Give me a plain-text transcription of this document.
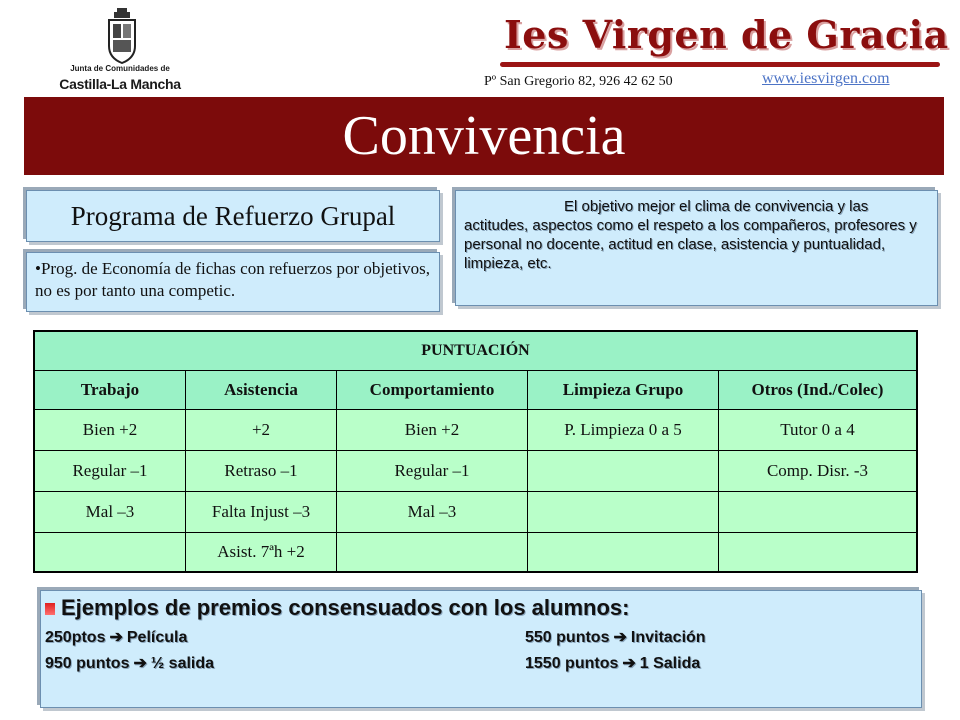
Junta de Comunidades de
Castilla-La Mancha
Ies Virgen de Gracia
Pº San Gregorio 82, 926 42 62 50	www.iesvirgen.com
Convivencia
Programa de Refuerzo Grupal
•Prog. de Economía de fichas con refuerzos por objetivos, no es por tanto una competic.
El objetivo mejor el clima de convivencia y las actitudes, aspectos como el respeto a los compañeros, profesores y personal no docente, actitud en clase, asistencia y puntualidad, limpieza, etc.
PUNTUACIÓN				
Trabajo	Asistencia	Comportamiento	Limpieza Grupo	Otros (Ind./Colec)
Bien +2	+2	Bien +2	P. Limpieza 0 a 5	Tutor 0 a 4
Regular –1	Retraso –1	Regular –1		Comp. Disr. -3
Mal –3	Falta Injust –3	Mal –3		
	Asist. 7ªh +2			
Ejemplos de premios consensuados con los alumnos:
250ptos ➔ Película	550 puntos ➔ Invitación
950 puntos ➔ ½ salida	1550 puntos ➔ 1 Salida
